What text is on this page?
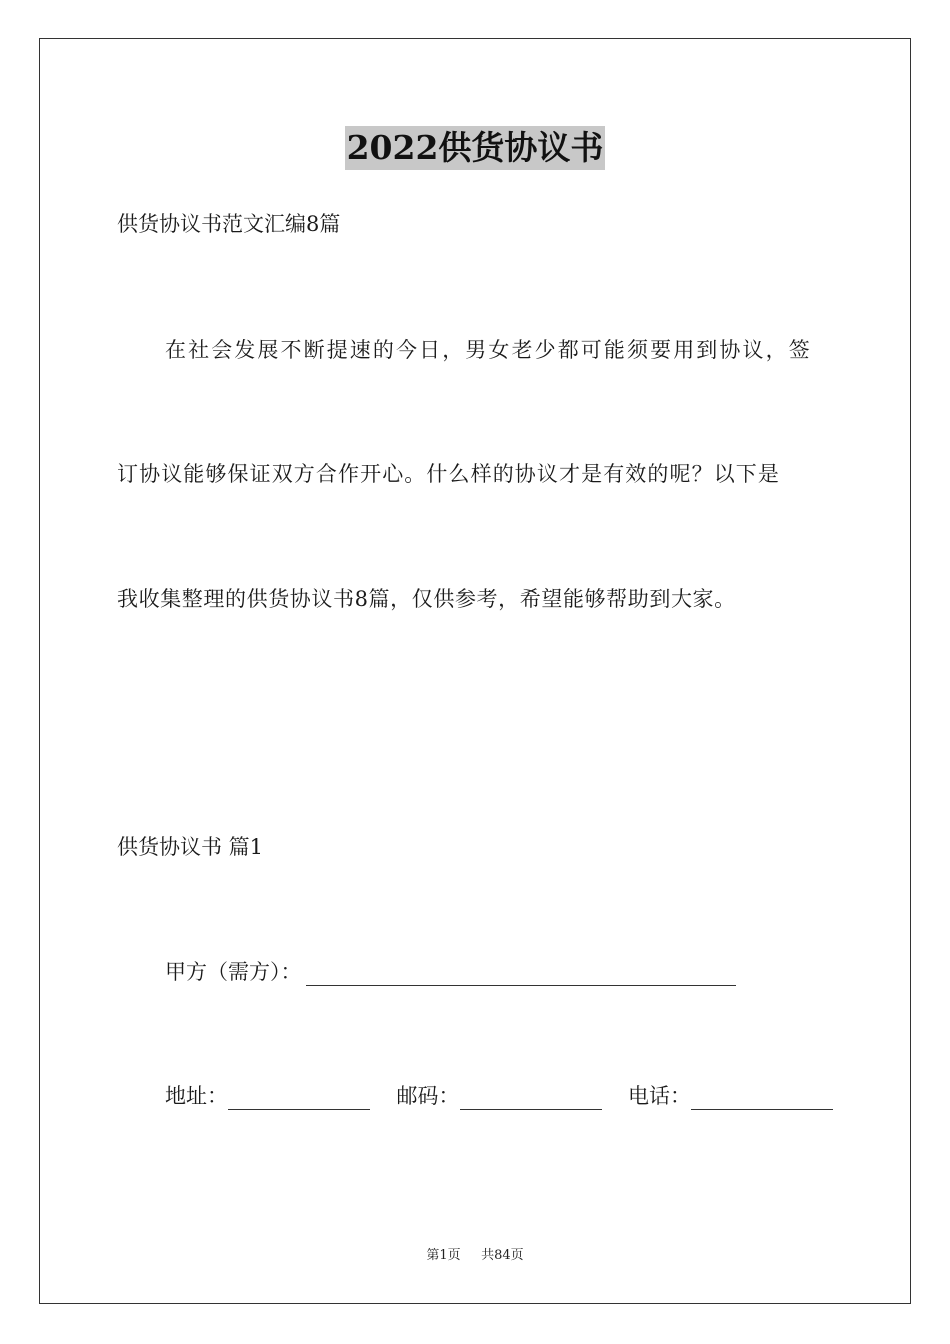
2022供货协议书
供货协议书范文汇编8篇
在社会发展不断提速的今日，男女老少都可能须要用到协议，签
订协议能够保证双方合作开心。什么样的协议才是有效的呢？以下是
我收集整理的供货协议书8篇，仅供参考，希望能够帮助到大家。
供货协议书 篇1
甲方（需方）：
地址：	邮码：	电话：
第1页 共84页
